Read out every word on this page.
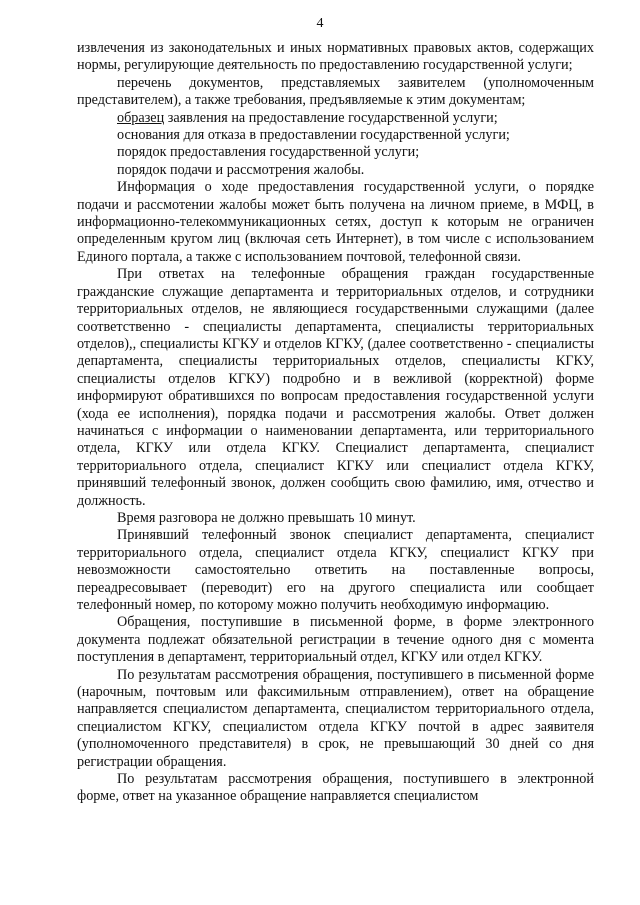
4

извлечения из законодательных и иных нормативных правовых актов, содержащих нормы, регулирующие деятельность по предоставлению государственной услуги;

перечень документов, представляемых заявителем (уполномоченным представителем), а также требования, предъявляемые к этим документам;

образец заявления на предоставление государственной услуги;

основания для отказа в предоставлении государственной услуги;

порядок предоставления государственной услуги;

порядок подачи и рассмотрения жалобы.

Информация о ходе предоставления государственной услуги, о порядке подачи и рассмотении жалобы может быть получена на личном приеме, в МФЦ, в информационно-телекоммуникационных сетях, доступ к которым не ограничен определенным кругом лиц (включая сеть Интернет), в том числе с использованием Единого портала, а также с использованием почтовой, телефонной связи.

При ответах на телефонные обращения граждан государственные гражданские служащие департамента и территориальных отделов, и сотрудники территориальных отделов, не являющиеся государственными служащими (далее соответственно - специалисты департамента, специалисты территориальных отделов),, специалисты КГКУ и отделов КГКУ, (далее соответственно - специалисты департамента, специалисты территориальных отделов, специалисты КГКУ, специалисты отделов КГКУ) подробно и в вежливой (корректной) форме информируют обратившихся по вопросам предоставления государственной услуги (хода ее исполнения), порядка подачи и рассмотрения жалобы. Ответ должен начинаться с информации о наименовании департамента, или территориального отдела, КГКУ или отдела КГКУ. Специалист департамента, специалист территориального отдела, специалист КГКУ или специалист отдела КГКУ, принявший телефонный звонок, должен сообщить свою фамилию, имя, отчество и должность.

Время разговора не должно превышать 10 минут.

Принявший телефонный звонок специалист департамента, специалист территориального отдела, специалист отдела КГКУ, специалист КГКУ при невозможности самостоятельно ответить на поставленные вопросы, переадресовывает (переводит) его на другого специалиста или сообщает телефонный номер, по которому можно получить необходимую информацию.

Обращения, поступившие в письменной форме, в форме электронного документа подлежат обязательной регистрации в течение одного дня с момента поступления в департамент, территориальный отдел, КГКУ или отдел КГКУ.

По результатам рассмотрения обращения, поступившего в письменной форме (нарочным, почтовым или факсимильным отправлением), ответ на обращение направляется специалистом департамента, специалистом территориального отдела, специалистом КГКУ, специалистом отдела КГКУ почтой в адрес заявителя (уполномоченного представителя) в срок, не превышающий 30 дней со дня регистрации обращения.

По результатам рассмотрения обращения, поступившего в электронной форме, ответ на указанное обращение направляется специалистом
